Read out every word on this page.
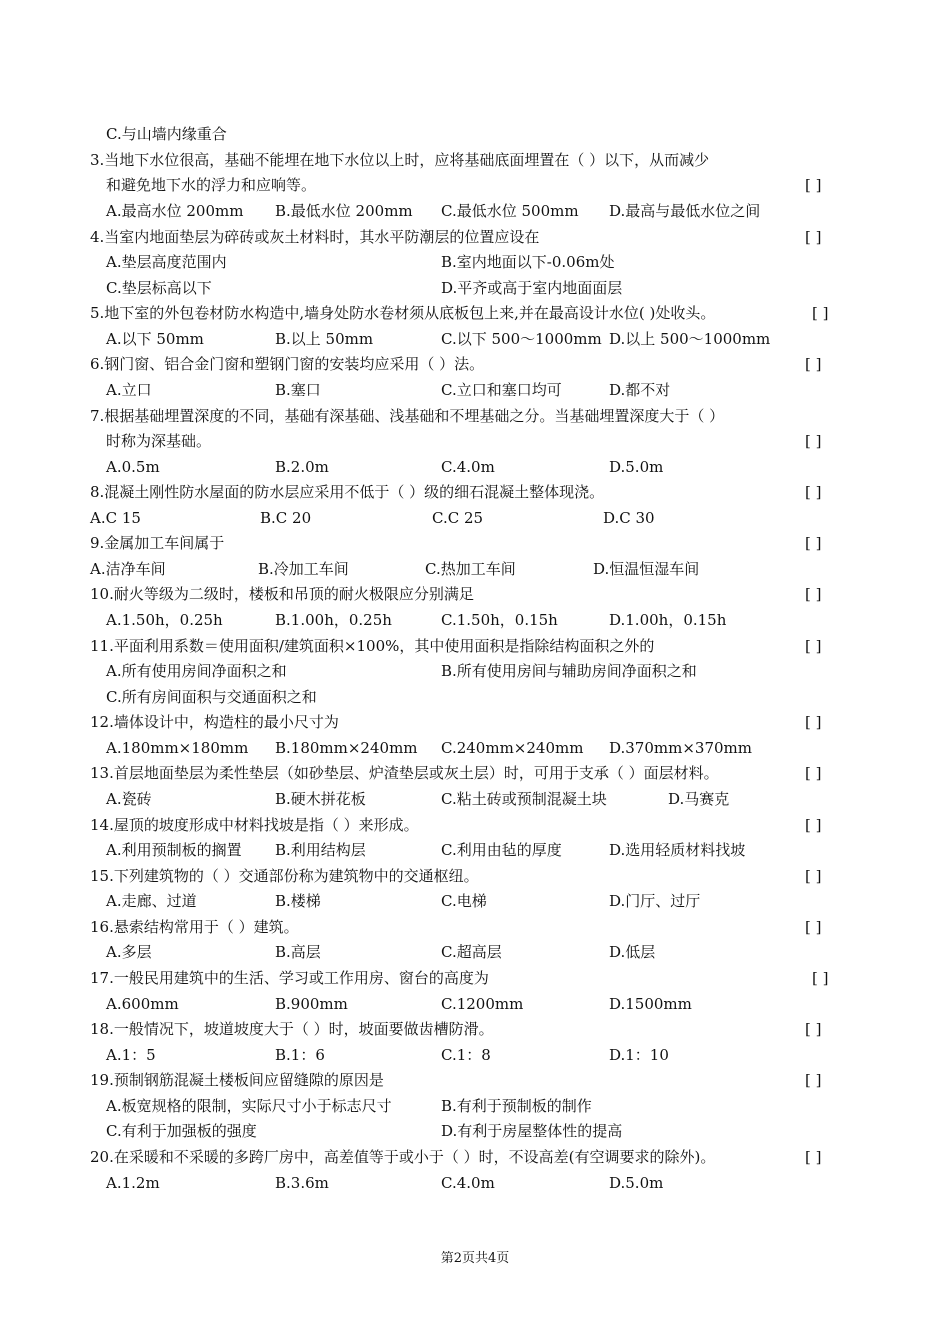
C.与山墙内缘重合
3.当地下水位很高，基础不能埋在地下水位以上时，应将基础底面埋置在（ ）以下，从而减少
和避免地下水的浮力和应响等。	[ ]
A.最高水位 200mm B.最低水位 200mm C.最低水位 500mm D.最高与最低水位之间
4.当室内地面垫层为碎砖或灰土材料时，其水平防潮层的位置应设在	[ ]
A.垫层高度范围内	B.室内地面以下-0.06m处
C.垫层标高以下	D.平齐或高于室内地面面层
5.地下室的外包卷材防水构造中,墙身处防水卷材须从底板包上来,并在最高设计水位( )处收头。	[ ]
A.以下 50mm	B.以上 50mm	C.以下 500～1000mm D.以上 500～1000mm
6.钢门窗、铝合金门窗和塑钢门窗的安装均应采用（ ）法。	[ ]
A.立口	B.塞口	C.立口和塞口均可	D.都不对
7.根据基础埋置深度的不同，基础有深基础、浅基础和不埋基础之分。当基础埋置深度大于（ ）
时称为深基础。	[ ]
A.0.5m	B.2.0m	C.4.0m	D.5.0m
8.混凝土刚性防水屋面的防水层应采用不低于（ ）级的细石混凝土整体现浇。	[ ]
A.C 15	B.C 20	C.C 25	D.C 30
9.金属加工车间属于	[ ]
A.洁净车间	B.冷加工车间	C.热加工车间	D.恒温恒湿车间
10.耐火等级为二级时，楼板和吊顶的耐火极限应分别满足	[ ]
A.1.50h，0.25h	B.1.00h，0.25h	C.1.50h，0.15h	D.1.00h，0.15h
11.平面利用系数＝使用面积/建筑面积×100%，其中使用面积是指除结构面积之外的	[ ]
A.所有使用房间净面积之和	B.所有使用房间与辅助房间净面积之和
C.所有房间面积与交通面积之和
12.墙体设计中，构造柱的最小尺寸为	[ ]
A.180mm×180mm B.180mm×240mm C.240mm×240mm D.370mm×370mm
13.首层地面垫层为柔性垫层（如砂垫层、炉渣垫层或灰土层）时，可用于支承（ ）面层材料。	[ ]
A.瓷砖	B.硬木拼花板	C.粘土砖或预制混凝土块	D.马赛克
14.屋顶的坡度形成中材料找坡是指（ ）来形成。	[ ]
A.利用预制板的搁置 B.利用结构层	C.利用由毡的厚度	D.选用轻质材料找坡
15.下列建筑物的（ ）交通部份称为建筑物中的交通枢纽。	[ ]
A.走廊、过道	B.楼梯	C.电梯	D.门厅、过厅
16.悬索结构常用于（ ）建筑。	[ ]
A.多层	B.高层	C.超高层	D.低层
17.一般民用建筑中的生活、学习或工作用房、窗台的高度为	[ ]
A.600mm	B.900mm	C.1200mm	D.1500mm
18.一般情况下，坡道坡度大于（ ）时，坡面要做齿槽防滑。	[ ]
A.1：5	B.1：6	C.1：8	D.1：10
19.预制钢筋混凝土楼板间应留缝隙的原因是	[ ]
A.板宽规格的限制，实际尺寸小于标志尺寸	B.有利于预制板的制作
C.有利于加强板的强度	D.有利于房屋整体性的提高
20.在采暖和不采暖的多跨厂房中，高差值等于或小于（ ）时，不设高差(有空调要求的除外)。	[ ]
A.1.2m	B.3.6m	C.4.0m	D.5.0m
第2页共4页
